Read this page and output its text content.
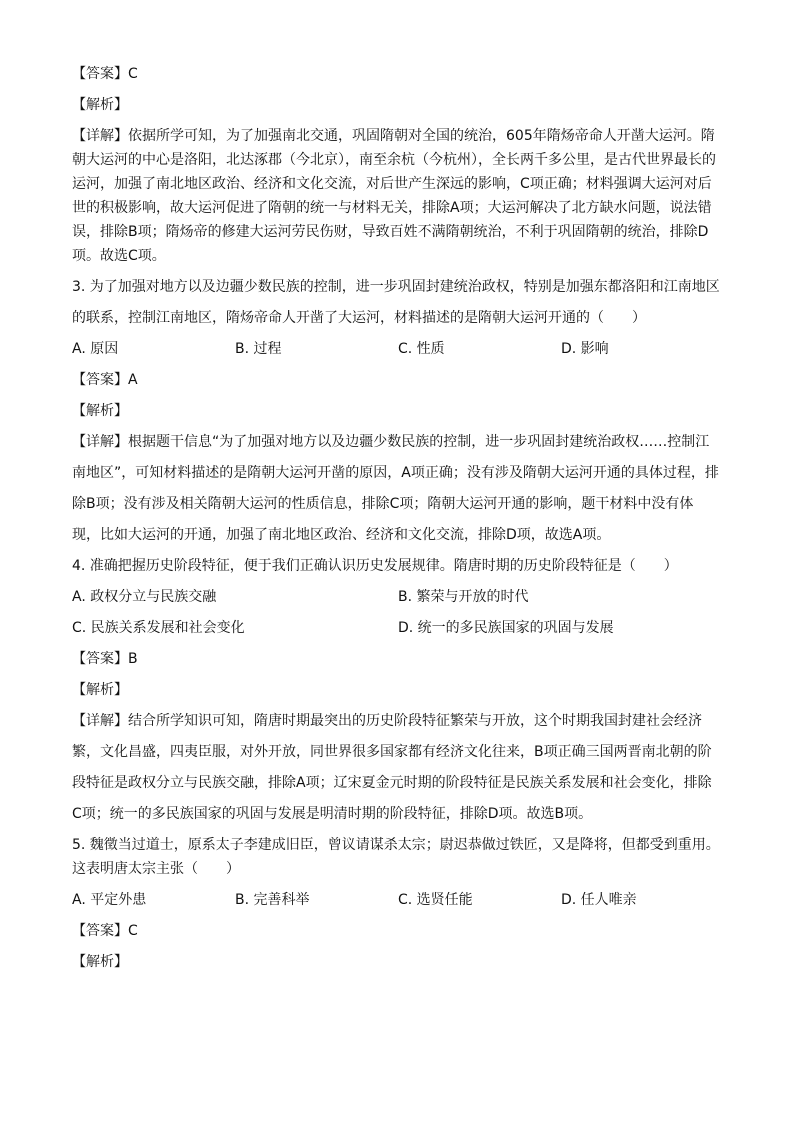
【答案】C

【解析】

【详解】依据所学可知，为了加强南北交通，巩固隋朝对全国的统治，605年隋炀帝命人开凿大运河。隋

朝大运河的中心是洛阳，北达涿郡（今北京），南至余杭（今杭州），全长两千多公里，是古代世界最长的

运河，加强了南北地区政治、经济和文化交流，对后世产生深远的影响，C项正确；材料强调大运河对后

世的积极影响，故大运河促进了隋朝的统一与材料无关，排除A项；大运河解决了北方缺水问题，说法错

误，排除B项；隋炀帝的修建大运河劳民伤财，导致百姓不满隋朝统治，不利于巩固隋朝的统治，排除D

项。故选C项。

3. 为了加强对地方以及边疆少数民族的控制，进一步巩固封建统治政权，特别是加强东都洛阳和江南地区

的联系，控制江南地区，隋炀帝命人开凿了大运河，材料描述的是隋朝大运河开通的（　　）

A. 原因	B. 过程	C. 性质	D. 影响

【答案】A

【解析】

【详解】根据题干信息“为了加强对地方以及边疆少数民族的控制，进一步巩固封建统治政权……控制江

南地区”，可知材料描述的是隋朝大运河开凿的原因，A项正确；没有涉及隋朝大运河开通的具体过程，排

除B项；没有涉及相关隋朝大运河的性质信息，排除C项；隋朝大运河开通的影响，题干材料中没有体

现，比如大运河的开通，加强了南北地区政治、经济和文化交流，排除D项，故选A项。

4. 准确把握历史阶段特征，便于我们正确认识历史发展规律。隋唐时期的历史阶段特征是（　　）

A. 政权分立与民族交融	B. 繁荣与开放的时代
C. 民族关系发展和社会变化	D. 统一的多民族国家的巩固与发展

【答案】B

【解析】

【详解】结合所学知识可知，隋唐时期最突出的历史阶段特征繁荣与开放，这个时期我国封建社会经济

繁，文化昌盛，四夷臣服，对外开放，同世界很多国家都有经济文化往来，B项正确三国两晋南北朝的阶

段特征是政权分立与民族交融，排除A项；辽宋夏金元时期的阶段特征是民族关系发展和社会变化，排除

C项；统一的多民族国家的巩固与发展是明清时期的阶段特征，排除D项。故选B项。

5. 魏徵当过道士，原系太子李建成旧臣，曾议请谋杀太宗；尉迟恭做过铁匠，又是降将，但都受到重用。

这表明唐太宗主张（　　）

A. 平定外患	B. 完善科举	C. 选贤任能	D. 任人唯亲

【答案】C

【解析】
